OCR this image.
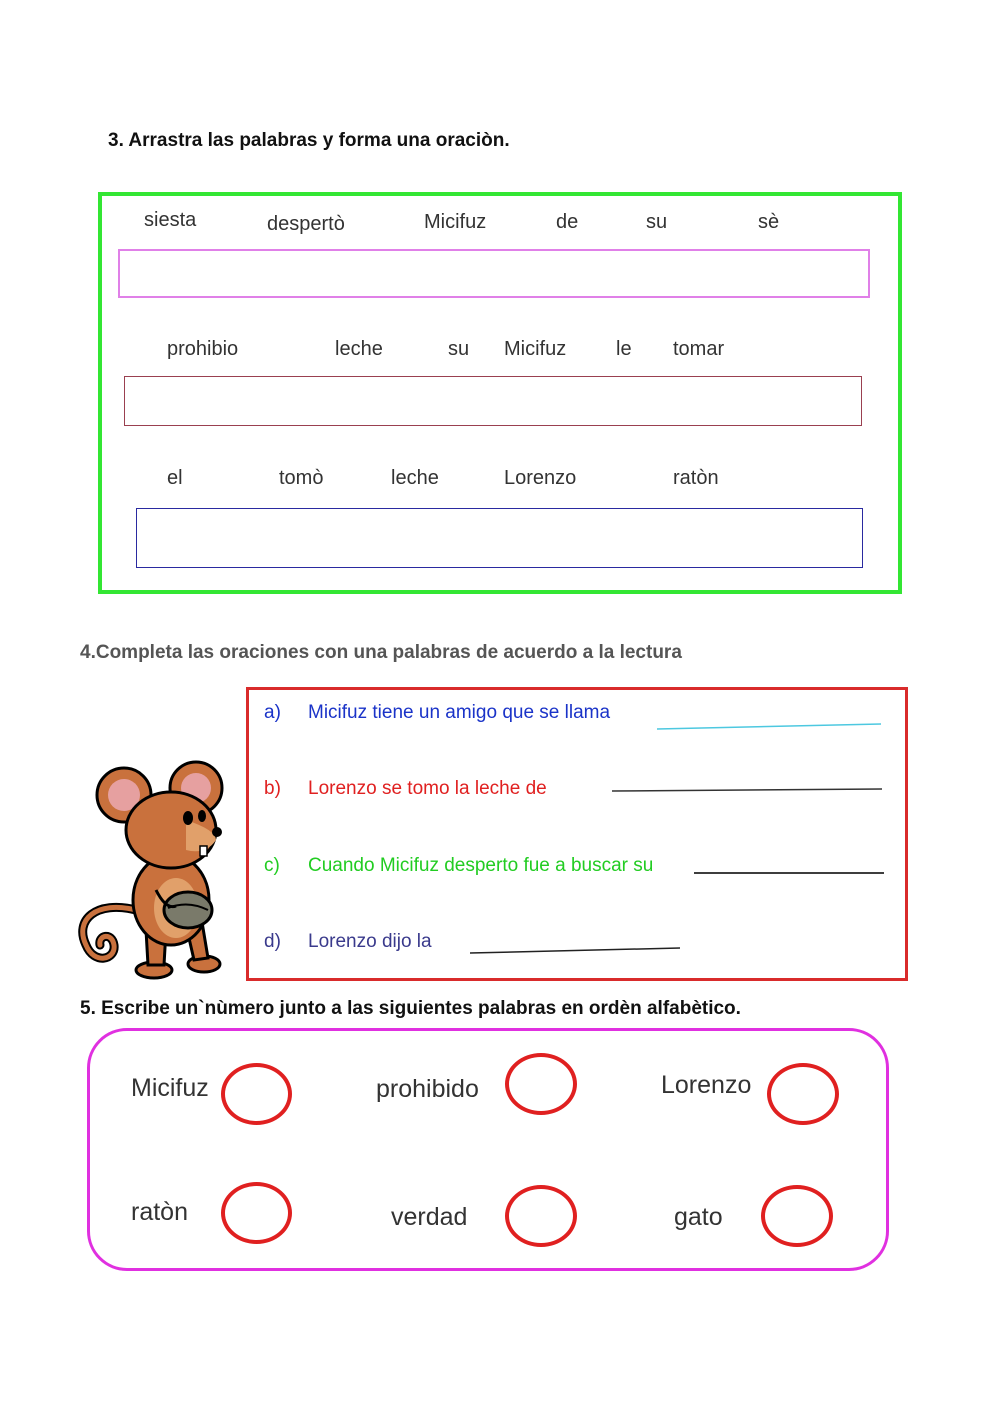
3. Arrastra las palabras y forma una oraciòn.
siesta	despertò	Micifuz	de	su	sè
prohibio	leche	su Micifuz le tomar
el	tomò	leche	Lorenzo	ratòn
4.Completa las oraciones con una palabras de acuerdo a la lectura
a) Micifuz tiene un amigo que se llama
b) Lorenzo se tomo la leche de
c) Cuando Micifuz desperto fue a buscar su
d) Lorenzo dijo la
5. Escribe un`nùmero junto a las siguientes palabras en ordèn alfabètico.
Micifuz	prohibido	Lorenzo
ratòn	verdad	gato
